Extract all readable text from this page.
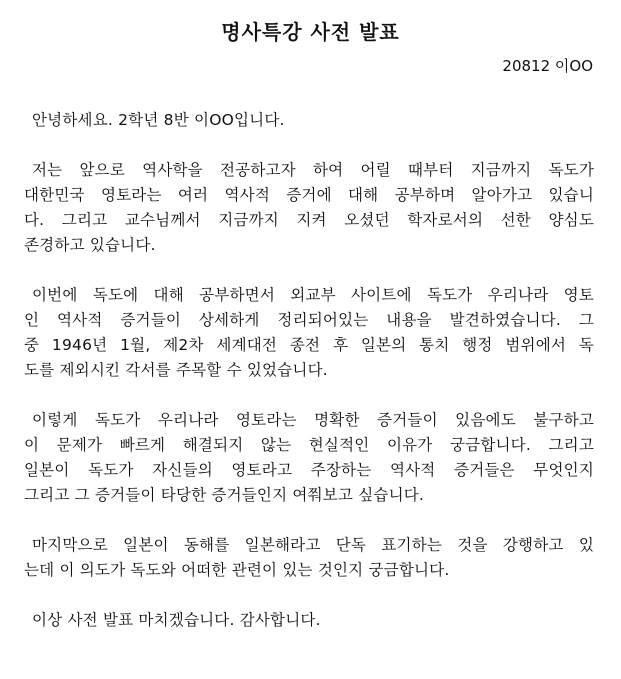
명사특강 사전 발표

20812 이OO

안녕하세요. 2학년 8반 이OO입니다.
저는 앞으로 역사학을 전공하고자 하여 어릴 때부터 지금까지 독도가
대한민국 영토라는 여러 역사적 증거에 대해 공부하며 알아가고 있습니
다. 그리고 교수님께서 지금까지 지켜 오셨던 학자로서의 선한 양심도
존경하고 있습니다.
이번에 독도에 대해 공부하면서 외교부 사이트에 독도가 우리나라 영토
인 역사적 증거들이 상세하게 정리되어있는 내용을 발견하였습니다. 그
중 1946년 1월, 제2차 세계대전 종전 후 일본의 통치 행정 범위에서 독
도를 제외시킨 각서를 주목할 수 있었습니다.
이렇게 독도가 우리나라 영토라는 명확한 증거들이 있음에도 불구하고
이 문제가 빠르게 해결되지 않는 현실적인 이유가 궁금합니다. 그리고
일본이 독도가 자신들의 영토라고 주장하는 역사적 증거들은 무엇인지
그리고 그 증거들이 타당한 증거들인지 여쭤보고 싶습니다.
마지막으로 일본이 동해를 일본해라고 단독 표기하는 것을 강행하고 있
는데 이 의도가 독도와 어떠한 관련이 있는 것인지 궁금합니다.
이상 사전 발표 마치겠습니다. 감사합니다.
